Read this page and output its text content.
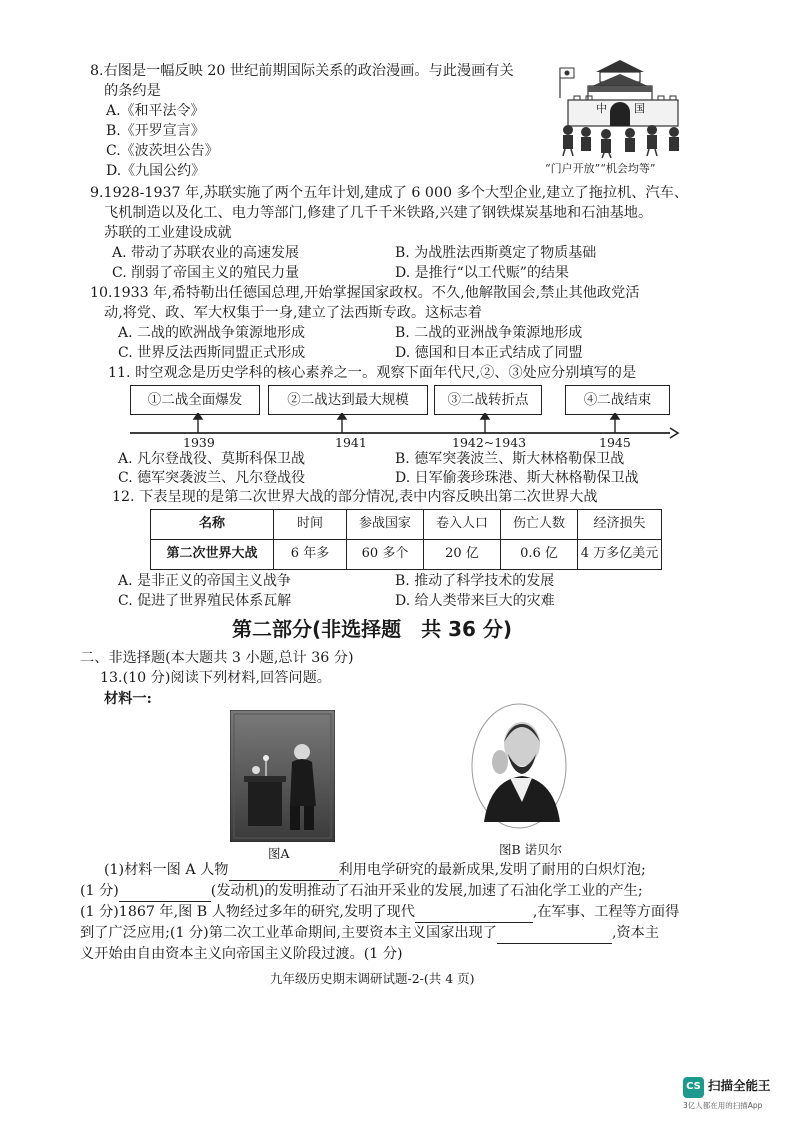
8.右图是一幅反映 20 世纪前期国际关系的政治漫画。与此漫画有关
的条约是
A.《和平法令》
B.《开罗宣言》
C.《波茨坦公告》
D.《九国公约》
中 国
“门户开放”“机会均等”
9.1928-1937 年,苏联实施了两个五年计划,建成了 6 000 多个大型企业,建立了拖拉机、汽车、
飞机制造以及化工、电力等部门,修建了几千千米铁路,兴建了钢铁煤炭基地和石油基地。
苏联的工业建设成就
A. 带动了苏联农业的高速发展	B. 为战胜法西斯奠定了物质基础
C. 削弱了帝国主义的殖民力量	D. 是推行“以工代赈”的结果
10.1933 年,希特勒出任德国总理,开始掌握国家政权。不久,他解散国会,禁止其他政党活
动,将党、政、军大权集于一身,建立了法西斯专政。这标志着
A. 二战的欧洲战争策源地形成	B. 二战的亚洲战争策源地形成
C. 世界反法西斯同盟正式形成	D. 德国和日本正式结成了同盟
11. 时空观念是历史学科的核心素养之一。观察下面年代尺,②、③处应分别填写的是
①二战全面爆发	②二战达到最大规模	③二战转折点	④二战结束
1939	1941	1942~1943	1945
A. 凡尔登战役、莫斯科保卫战	B. 德军突袭波兰、斯大林格勒保卫战
C. 德军突袭波兰、凡尔登战役	D. 日军偷袭珍珠港、斯大林格勒保卫战
12. 下表呈现的是第二次世界大战的部分情况,表中内容反映出第二次世界大战
名称	时间	参战国家	卷入人口	伤亡人数	经济损失
第二次世界大战	6 年多	60 多个	20 亿	0.6 亿	4 万多亿美元
A. 是非正义的帝国主义战争	B. 推动了科学技术的发展
C. 促进了世界殖民体系瓦解	D. 给人类带来巨大的灾难
第二部分(非选择题　共 36 分)
二、非选择题(本大题共 3 小题,总计 36 分)
13.(10 分)阅读下列材料,回答问题。
材料一:
图A	图B 诺贝尔
(1)材料一图 A 人物	利用电学研究的最新成果,发明了耐用的白炽灯泡;
(1 分)	(发动机)的发明推动了石油开采业的发展,加速了石油化学工业的产生;
(1 分)1867 年,图 B 人物经过多年的研究,发明了现代	,在军事、工程等方面得
到了广泛应用;(1 分)第二次工业革命期间,主要资本主义国家出现了	,资本主
义开始由自由资本主义向帝国主义阶段过渡。(1 分)
九年级历史期末调研试题-2-(共 4 页)
CS 扫描全能王
3亿人都在用的扫描App
